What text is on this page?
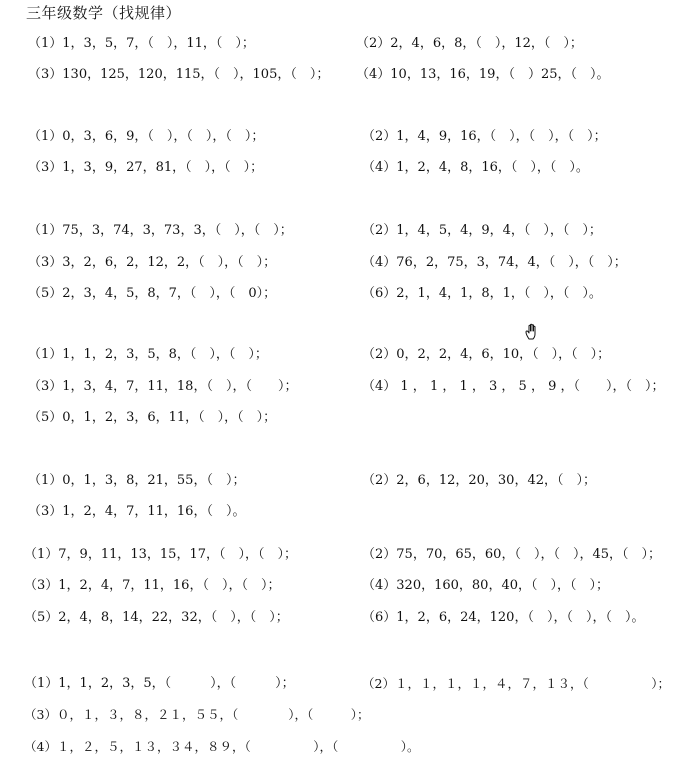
三年级数学（找规律）
（1）1，3，5，7，（　），11，（　）；	（2）2，4，6，8，（　），12，（　）；
（3）130，125，120，115，（　），105，（　）； （4）10，13，16，19，（　）25，（　）。
（1）0，3，6，9，（　），（　），（　）；	（2）1，4，9，16，（　），（　），（　）；
（3）1，3，9，27，81，（　），（　）；	（4）1，2，4，8，16，（　），（　）。
（1）75，3，74，3，73，3，（　），（　）；	（2）1，4，5，4，9，4，（　），（　）；
（3）3，2，6，2，12，2，（　），（　）；	（4）76，2，75，3，74，4，（　），（　）；
（5）2，3，4，5，8，7，（　），（　0）；	（6）2，1，4，1，8，1，（　），（　）。
（1）1，1，2，3，5，8，（　），（　）；	（2）0，2，2，4，6，10，（　），（　）；
（3）1，3，4，7，11，18，（　），（　　）；	（4） 1 ， 1 ， 1 ， 3 ， 5 ， 9 ，（　　），（　）；
（5）0，1，2，3，6，11，（　），（　）；
（1）0，1，3，8，21，55，（　）；	（2）2，6，12，20，30，42，（　）；
（3）1，2，4，7，11，16，（　）。
（1）7，9，11，13，15，17，（　），（　）；	（2）75，70，65，60，（　），（　），45，（　）；
（3）1，2，4，7，11，16，（　），（　）；	（4）320，160，80，40，（　），（　）；
（5）2，4，8，14，22，32，（　），（　）；	（6）1，2，6，24，120，（　），（　），（　）。
（1）1，1，2，3，5，（　　　），（　　　）；	（2）１，１，１，１，４，７，１３，（　　　　　）；
（3）０，１，３，８，２１，５５，（　　　　），（　　　）；
（4）１，２，５，１３，３４，８９，（　　　　　），（　　　　　）。
